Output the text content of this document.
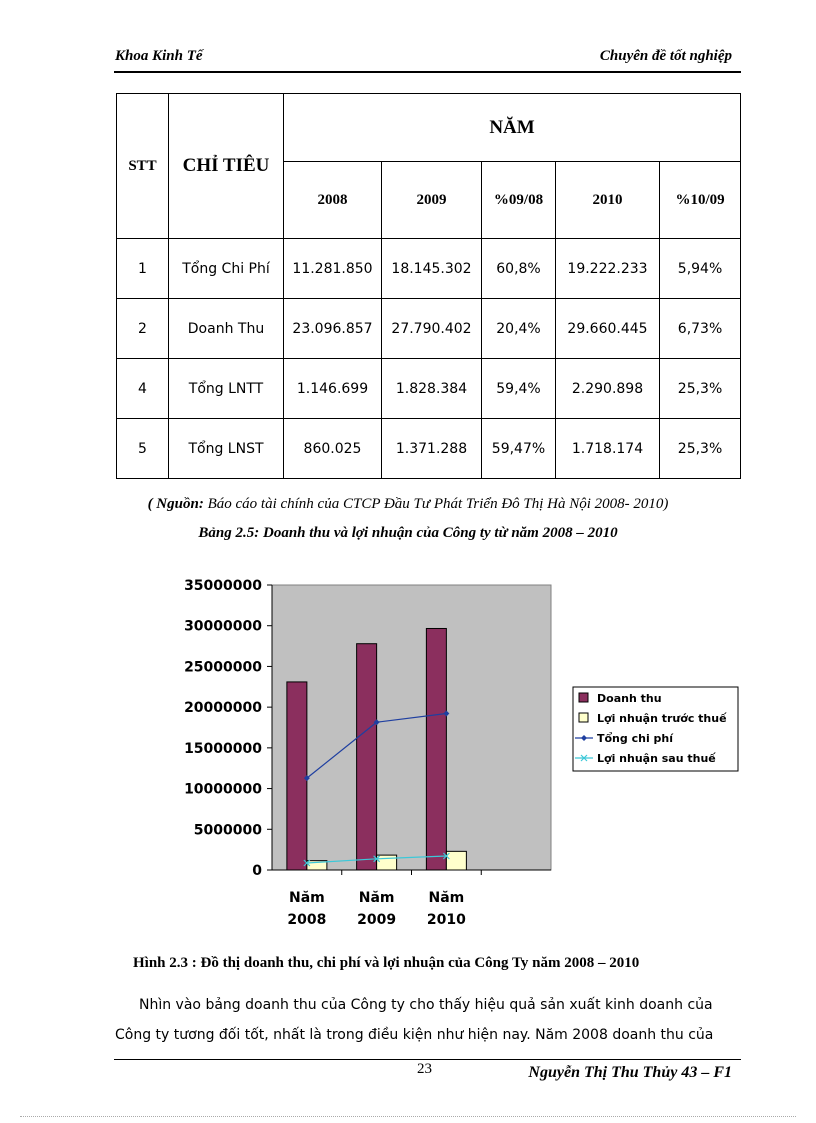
Khoa Kinh Tế	Chuyên đề tốt nghiệp
STT	CHỈ TIÊU	NĂM				
		2008	2009	%09/08	2010	%10/09
1	Tổng Chi Phí	11.281.850	18.145.302	60,8%	19.222.233	5,94%
2	Doanh Thu	23.096.857	27.790.402	20,4%	29.660.445	6,73%
4	Tổng LNTT	1.146.699	1.828.384	59,4%	2.290.898	25,3%
5	Tổng LNST	860.025	1.371.288	59,47%	1.718.174	25,3%
( Nguồn: Báo cáo tài chính của CTCP Đầu Tư Phát Triển Đô Thị Hà Nội 2008- 2010)
Bảng 2.5: Doanh thu và lợi nhuận của Công ty từ năm 2008 – 2010
0
5000000
10000000
15000000
20000000
25000000
30000000
35000000
Năm
2008
Năm
2009
Năm
2010
Doanh thu
Lợi nhuận trước thuế
Tổng chi phí
Lợi nhuận sau thuế
Hình 2.3 : Đồ thị doanh thu, chi phí và lợi nhuận của Công Ty năm 2008 – 2010
Nhìn vào bảng doanh thu của Công ty cho thấy hiệu quả sản xuất kinh doanh của
Công ty tương đối tốt, nhất là trong điều kiện như hiện nay. Năm 2008 doanh thu của
23	Nguyễn Thị Thu Thủy 43 – F1
